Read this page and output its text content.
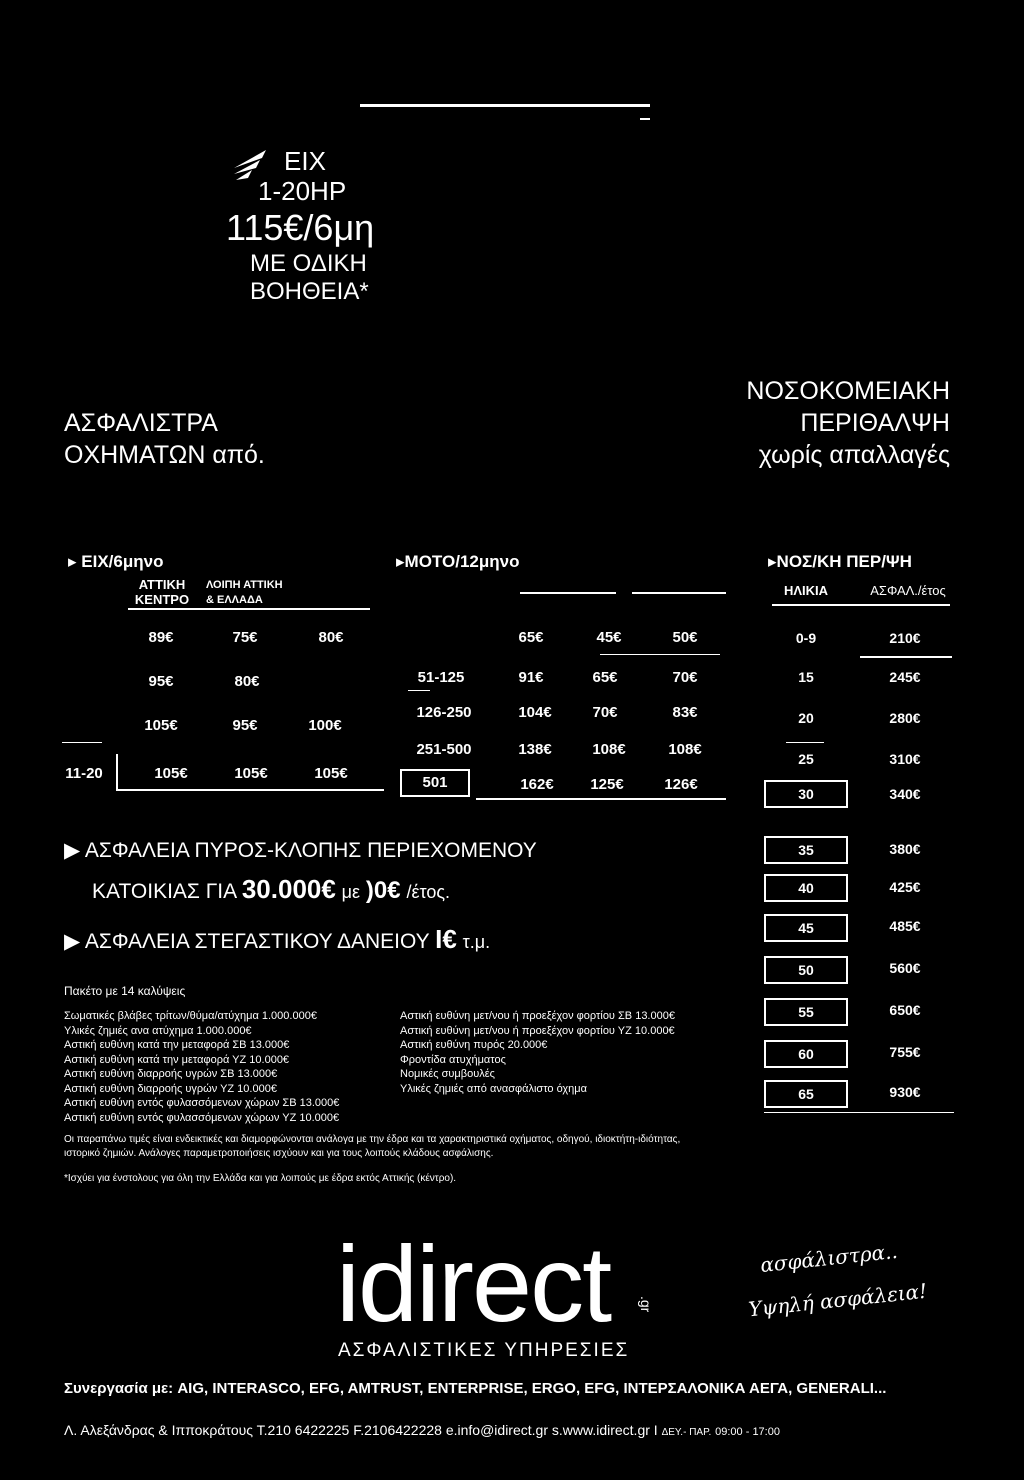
ΕΙΧ
1-20HP
115€/6μη
ΜΕ ΟΔΙΚΗ
ΒΟΗΘΕΙΑ*
ΑΣΦΑΛΙΣΤΡΑ
ΟΧΗΜΑΤΩΝ από.
ΝΟΣΟΚΟΜΕΙΑΚΗ
ΠΕΡΙΘΑΛΨΗ
χωρίς απαλλαγές
▸ ΕΙΧ/6μηνο	▸ΜΟΤΟ/12μηνο	▸ΝΟΣ/ΚΗ ΠΕΡ/ΨΗ
ΑΤΤΙΚΗ
ΚΕΝΤΡΟ
ΛΟΙΠΗ ΑΤΤΙΚΗ
& ΕΛΛΑΔΑ
89€	75€	80€
95€	80€
105€	95€	100€
11-20	105€	105€	105€
65€	45€	50€
51-125	91€	65€	70€
126-250	104€	70€	83€
251-500	138€	108€	108€
501	162€	125€	126€
ΗΛΙΚΙΑ	ΑΣΦΑΛ./έτος
0-9	210€
15	245€
20	280€
25	310€
30	340€
35	380€
40	425€
45	485€
50	560€
55	650€
60	755€
65	930€
▶ ΑΣΦΑΛΕΙΑ ΠΥΡΟΣ-ΚΛΟΠΗΣ ΠΕΡΙΕΧΟΜΕΝΟΥ
ΚΑΤΟΙΚΙΑΣ ΓΙΑ 30.000€ με )0€ /έτος.
▶ ΑΣΦΑΛΕΙΑ ΣΤΕΓΑΣΤΙΚΟΥ ΔΑΝΕΙΟΥ I€ τ.μ.
Πακέτο με 14 καλύψεις
Σωματικές βλάβες τρίτων/θύμα/ατύχημα 1.000.000€
Υλικές ζημιές ανα ατύχημα 1.000.000€
Αστική ευθύνη κατά την μεταφορά ΣΒ 13.000€
Αστική ευθύνη κατά την μεταφορά ΥΖ 10.000€
Αστική ευθύνη διαρροής υγρών ΣΒ 13.000€
Αστική ευθύνη διαρροής υγρών ΥΖ 10.000€
Αστική ευθύνη εντός φυλασσόμενων χώρων ΣΒ 13.000€
Αστική ευθύνη εντός φυλασσόμενων χώρων ΥΖ 10.000€
Αστική ευθύνη μετ/νου ή προεξέχον φορτίου ΣΒ 13.000€
Αστική ευθύνη μετ/νου ή προεξέχον φορτίου ΥΖ 10.000€
Αστική ευθύνη πυρός 20.000€
Φροντίδα ατυχήματος
Νομικές συμβουλές
Υλικές ζημιές από ανασφάλιστο όχημα
Οι παραπάνω τιμές είναι ενδεικτικές και διαμορφώνονται ανάλογα με την έδρα και τα χαρακτηριστικά οχήματος, οδηγού, ιδιοκτήτη-ιδιότητας,
ιστορικό ζημιών. Ανάλογες παραμετροποιήσεις ισχύουν και για τους λοιπούς κλάδους ασφάλισης.
*Ισχύει για ένστολους για όλη την Ελλάδα και για λοιπούς με έδρα εκτός Αττικής (κέντρο).
idirect .gr
ΑΣΦΑΛΙΣΤΙΚΕΣ ΥΠΗΡΕΣΙΕΣ
ασφάλιστρα..
Υψηλή ασφάλεια!
Συνεργασία με: AIG, INTERASCO, EFG, AMTRUST, ENTERPRISE, ERGO, EFG, ΙΝΤΕΡΣΑΛΟΝΙΚΑ ΑΕΓΑ, GENERALI...
Λ. Αλεξάνδρας & Ιπποκράτους Τ.210 6422225 F.2106422228 e.info@idirect.gr s.www.idirect.gr I ΔΕΥ.- ΠΑΡ. 09:00 - 17:00
